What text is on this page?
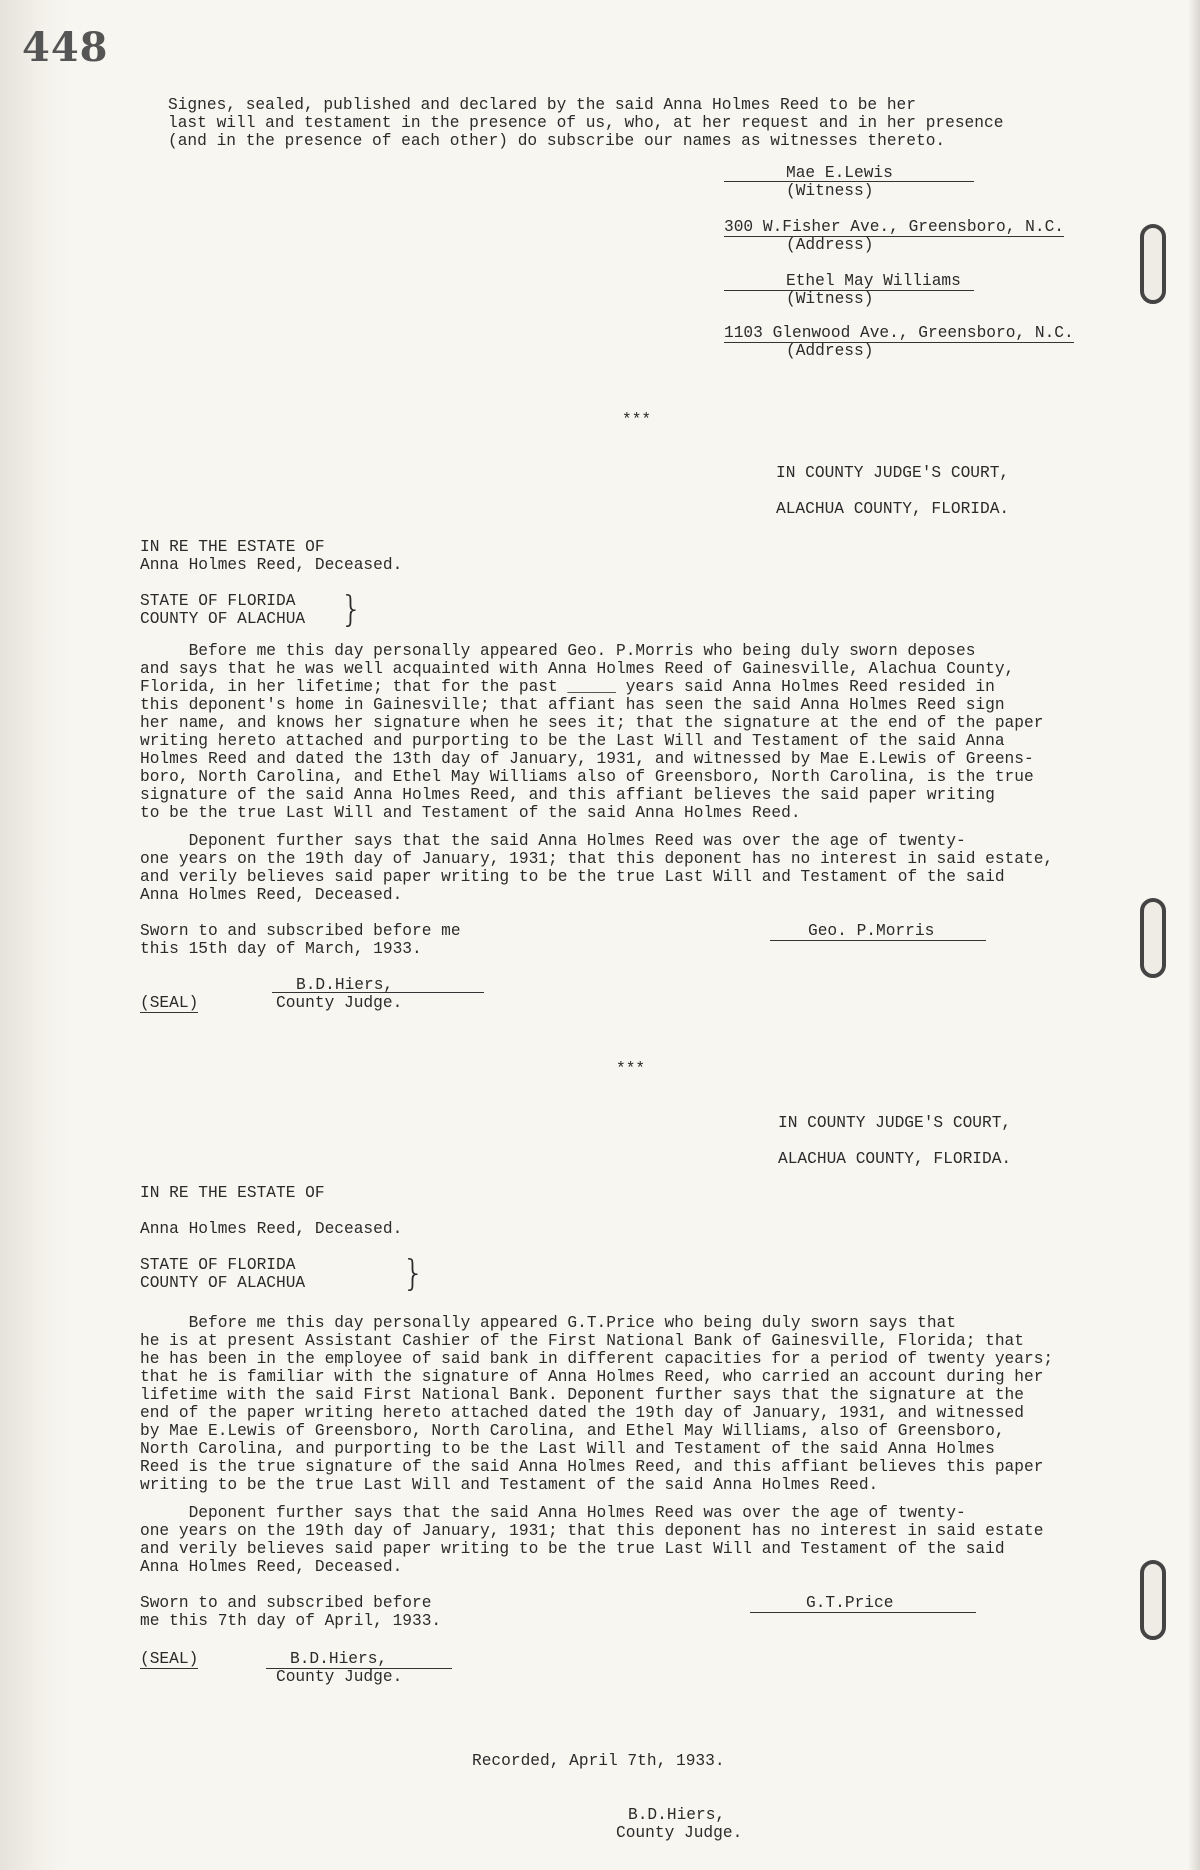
448

Signes, sealed, published and declared by the said Anna Holmes Reed to be her
last will and testament in the presence of us, who, at her request and in her presence
(and in the presence of each other) do subscribe our names as witnesses thereto.

Mae E.Lewis

(Witness)

300 W.Fisher Ave., Greensboro, N.C.

(Address)

Ethel May Williams

(Witness)

1103 Glenwood Ave., Greensboro, N.C.

(Address)

***

IN COUNTY JUDGE'S COURT,

ALACHUA COUNTY, FLORIDA.

IN RE THE ESTATE OF

Anna Holmes Reed, Deceased.

STATE OF FLORIDA

COUNTY OF ALACHUA }

Before me this day personally appeared Geo. P.Morris who being duly sworn deposes
and says that he was well acquainted with Anna Holmes Reed of Gainesville, Alachua County,
Florida, in her lifetime; that for the past _____ years said Anna Holmes Reed resided in
this deponent's home in Gainesville; that affiant has seen the said Anna Holmes Reed sign
her name, and knows her signature when he sees it; that the signature at the end of the paper
writing hereto attached and purporting to be the Last Will and Testament of the said Anna
Holmes Reed and dated the 13th day of January, 1931, and witnessed by Mae E.Lewis of Greens-
boro, North Carolina, and Ethel May Williams also of Greensboro, North Carolina, is the true
signature of the said Anna Holmes Reed, and this affiant believes the said paper writing
to be the true Last Will and Testament of the said Anna Holmes Reed.

Deponent further says that the said Anna Holmes Reed was over the age of twenty-
one years on the 19th day of January, 1931; that this deponent has no interest in said estate,
and verily believes said paper writing to be the true Last Will and Testament of the said
Anna Holmes Reed, Deceased.

Sworn to and subscribed before me
this 15th day of March, 1933.

Geo. P.Morris

B.D.Hiers,

(SEAL)	County Judge.

***

IN COUNTY JUDGE'S COURT,

ALACHUA COUNTY, FLORIDA.

IN RE THE ESTATE OF

Anna Holmes Reed, Deceased.

STATE OF FLORIDA

COUNTY OF ALACHUA	}

Before me this day personally appeared G.T.Price who being duly sworn says that
he is at present Assistant Cashier of the First National Bank of Gainesville, Florida; that
he has been in the employee of said bank in different capacities for a period of twenty years;
that he is familiar with the signature of Anna Holmes Reed, who carried an account during her
lifetime with the said First National Bank. Deponent further says that the signature at the
end of the paper writing hereto attached dated the 19th day of January, 1931, and witnessed
by Mae E.Lewis of Greensboro, North Carolina, and Ethel May Williams, also of Greensboro,
North Carolina, and purporting to be the Last Will and Testament of the said Anna Holmes
Reed is the true signature of the said Anna Holmes Reed, and this affiant believes this paper
writing to be the true Last Will and Testament of the said Anna Holmes Reed.

Deponent further says that the said Anna Holmes Reed was over the age of twenty-
one years on the 19th day of January, 1931; that this deponent has no interest in said estate
and verily believes said paper writing to be the true Last Will and Testament of the said
Anna Holmes Reed, Deceased.

Sworn to and subscribed before
me this 7th day of April, 1933.

G.T.Price

(SEAL)	B.D.Hiers,

County Judge.

Recorded, April 7th, 1933.

B.D.Hiers,

County Judge.
